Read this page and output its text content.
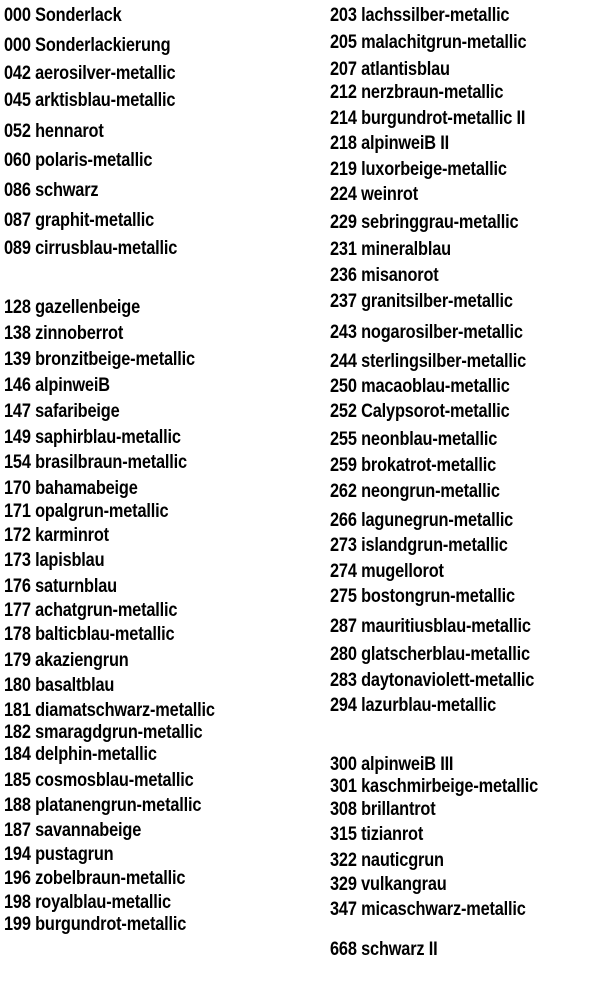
000 Sonderlack
000 Sonderlackierung
042 aerosilver-metallic
045 arktisblau-metallic
052 hennarot
060 polaris-metallic
086 schwarz
087 graphit-metallic
089 cirrusblau-metallic
128 gazellenbeige
138 zinnoberrot
139 bronzitbeige-metallic
146 alpinweiB
147 safaribeige
149 saphirblau-metallic
154 brasilbraun-metallic
170 bahamabeige
171 opalgrun-metallic
172 karminrot
173 lapisblau
176 saturnblau
177 achatgrun-metallic
178 balticblau-metallic
179 akaziengrun
180 basaltblau
181 diamatschwarz-metallic
182 smaragdgrun-metallic
184 delphin-metallic
185 cosmosblau-metallic
188 platanengrun-metallic
187 savannabeige
194 pustagrun
196 zobelbraun-metallic
198 royalblau-metallic
199 burgundrot-metallic
203 lachssilber-metallic
205 malachitgrun-metallic
207 atlantisblau
212 nerzbraun-metallic
214 burgundrot-metallic II
218 alpinweiB II
219 luxorbeige-metallic
224 weinrot
229 sebringgrau-metallic
231 mineralblau
236 misanorot
237 granitsilber-metallic
243 nogarosilber-metallic
244 sterlingsilber-metallic
250 macaoblau-metallic
252 Calypsorot-metallic
255 neonblau-metallic
259 brokatrot-metallic
262 neongrun-metallic
266 lagunegrun-metallic
273 islandgrun-metallic
274 mugellorot
275 bostongrun-metallic
287 mauritiusblau-metallic
280 glatscherblau-metallic
283 daytonaviolett-metallic
294 lazurblau-metallic
300 alpinweiB III
301 kaschmirbeige-metallic
308 brillantrot
315 tizianrot
322 nauticgrun
329 vulkangrau
347 micaschwarz-metallic
668 schwarz II
